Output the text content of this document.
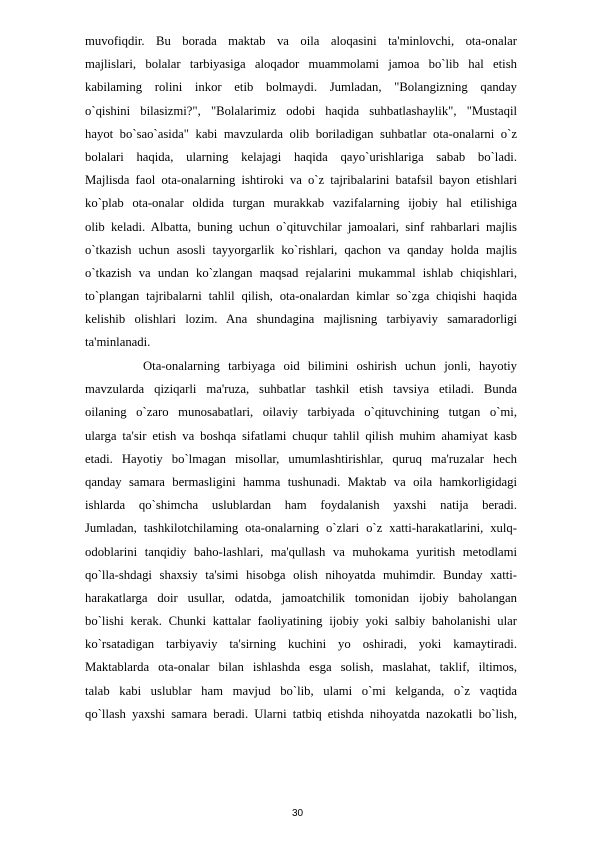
muvofiqdir. Bu borada maktab va oila aloqasini ta'minlovchi, ota-onalar
majlislari, bolalar tarbiyasiga aloqador muammolami jamoa bo`lib hal etish
kabilaming rolini inkor etib bolmaydi. Jumladan, "Bolangizning qanday
o`qishini bilasizmi?", "Bolalarimiz odobi haqida suhbatlashaylik", "Mustaqil
hayot bo`sao`asida" kabi mavzularda olib boriladigan suhbatlar ota-onalarni o`z
bolalari haqida, ularning kelajagi haqida qayo`urishlariga sabab bo`ladi.
Majlisda faol ota-onalarning ishtiroki va o`z tajribalarini batafsil bayon etishlari
ko`plab ota-onalar oldida turgan murakkab vazifalarning ijobiy hal etilishiga
olib keladi. Albatta, buning uchun o`qituvchilar jamoalari, sinf rahbarlari majlis
o`tkazish uchun asosli tayyorgarlik ko`rishlari, qachon va qanday holda majlis
o`tkazish va undan ko`zlangan maqsad rejalarini mukammal ishlab chiqishlari,
to`plangan tajribalarni tahlil qilish, ota-onalardan kimlar so`zga chiqishi haqida
kelishib olishlari lozim. Ana shundagina majlisning tarbiyaviy samaradorligi
ta'minlanadi.
Ota-onalarning tarbiyaga oid bilimini oshirish uchun jonli, hayotiy
mavzularda qiziqarli ma'ruza, suhbatlar tashkil etish tavsiya etiladi. Bunda
oilaning o`zaro munosabatlari, oilaviy tarbiyada o`qituvchining tutgan o`mi,
ularga ta'sir etish va boshqa sifatlami chuqur tahlil qilish muhim ahamiyat kasb
etadi. Hayotiy bo`lmagan misollar, umumlashtirishlar, quruq ma'ruzalar hech
qanday samara bermasligini hamma tushunadi. Maktab va oila hamkorligidagi
ishlarda qo`shimcha uslublardan ham foydalanish yaxshi natija beradi.
Jumladan, tashkilotchilaming ota-onalarning o`zlari o`z xatti-harakatlarini, xulq-
odoblarini tanqidiy baho-lashlari, ma'qullash va muhokama yuritish metodlami
qo`lla-shdagi shaxsiy ta'simi hisobga olish nihoyatda muhimdir. Bunday xatti-
harakatlarga doir usullar, odatda, jamoatchilik tomonidan ijobiy baholangan
bo`lishi kerak. Chunki kattalar faoliyatining ijobiy yoki salbiy baholanishi ular
ko`rsatadigan tarbiyaviy ta'sirning kuchini yo oshiradi, yoki kamaytiradi.
Maktablarda ota-onalar bilan ishlashda esga solish, maslahat, taklif, iltimos,
talab kabi uslublar ham mavjud bo`lib, ulami o`mi kelganda, o`z vaqtida
qo`llash yaxshi samara beradi. Ularni tatbiq etishda nihoyatda nazokatli bo`lish,
30
